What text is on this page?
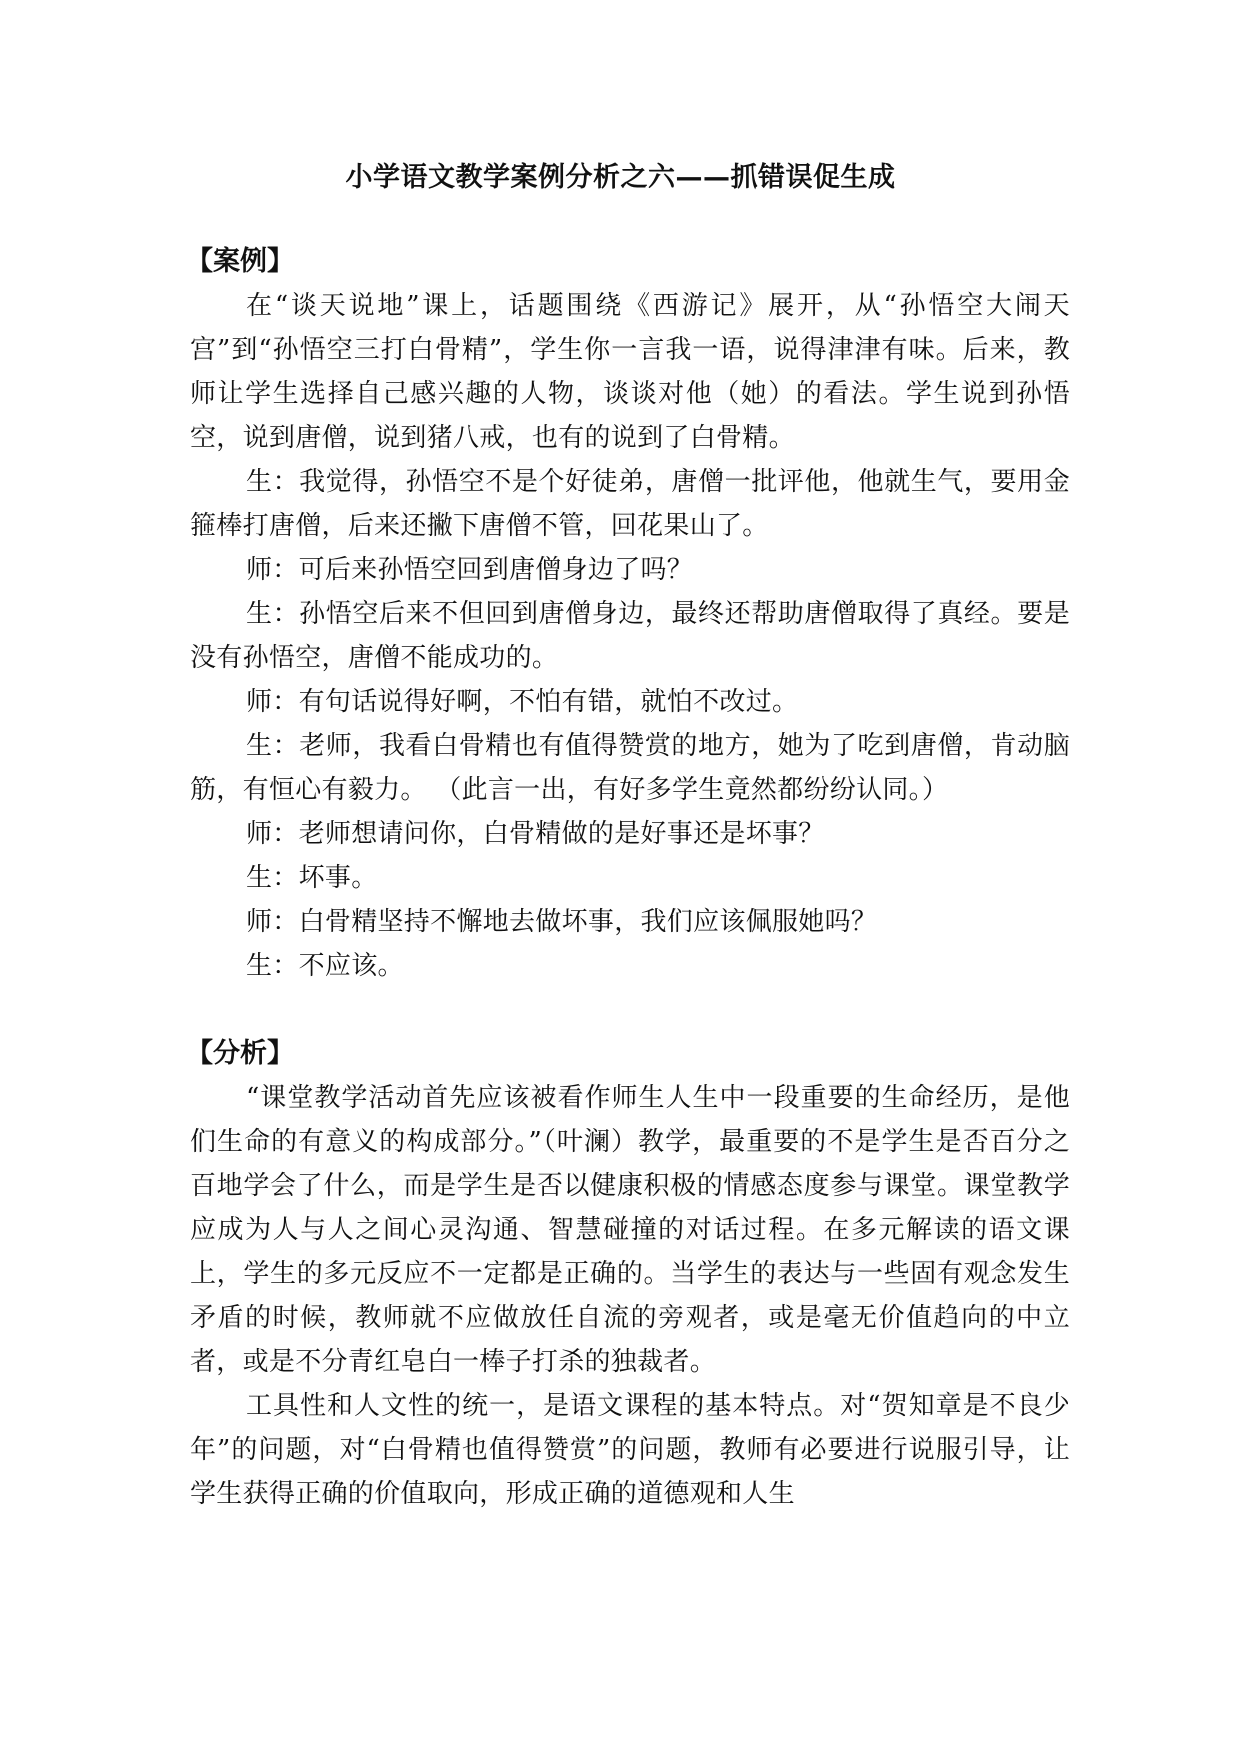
小学语文教学案例分析之六——抓错误促生成
【案例】

在“谈天说地”课上，话题围绕《西游记》展开，从“孙悟空大闹天宫”到“孙悟空三打白骨精”，学生你一言我一语，说得津津有味。后来，教师让学生选择自己感兴趣的人物，谈谈对他（她）的看法。学生说到孙悟空，说到唐僧，说到猪八戒，也有的说到了白骨精。

生：我觉得，孙悟空不是个好徒弟，唐僧一批评他，他就生气，要用金箍棒打唐僧，后来还撇下唐僧不管，回花果山了。

师：可后来孙悟空回到唐僧身边了吗？

生：孙悟空后来不但回到唐僧身边，最终还帮助唐僧取得了真经。要是没有孙悟空，唐僧不能成功的。

师：有句话说得好啊，不怕有错，就怕不改过。

生：老师，我看白骨精也有值得赞赏的地方，她为了吃到唐僧，肯动脑筋，有恒心有毅力。 （此言一出，有好多学生竟然都纷纷认同。）

师：老师想请问你，白骨精做的是好事还是坏事？

生：坏事。

师：白骨精坚持不懈地去做坏事，我们应该佩服她吗？

生：不应该。

【分析】

“课堂教学活动首先应该被看作师生人生中一段重要的生命经历，是他们生命的有意义的构成部分。”（叶澜）教学，最重要的不是学生是否百分之百地学会了什么，而是学生是否以健康积极的情感态度参与课堂。课堂教学应成为人与人之间心灵沟通、智慧碰撞的对话过程。在多元解读的语文课上，学生的多元反应不一定都是正确的。当学生的表达与一些固有观念发生矛盾的时候，教师就不应做放任自流的旁观者，或是毫无价值趋向的中立者，或是不分青红皂白一棒子打杀的独裁者。

工具性和人文性的统一，是语文课程的基本特点。对“贺知章是不良少年”的问题，对“白骨精也值得赞赏”的问题，教师有必要进行说服引导，让学生获得正确的价值取向，形成正确的道德观和人生
